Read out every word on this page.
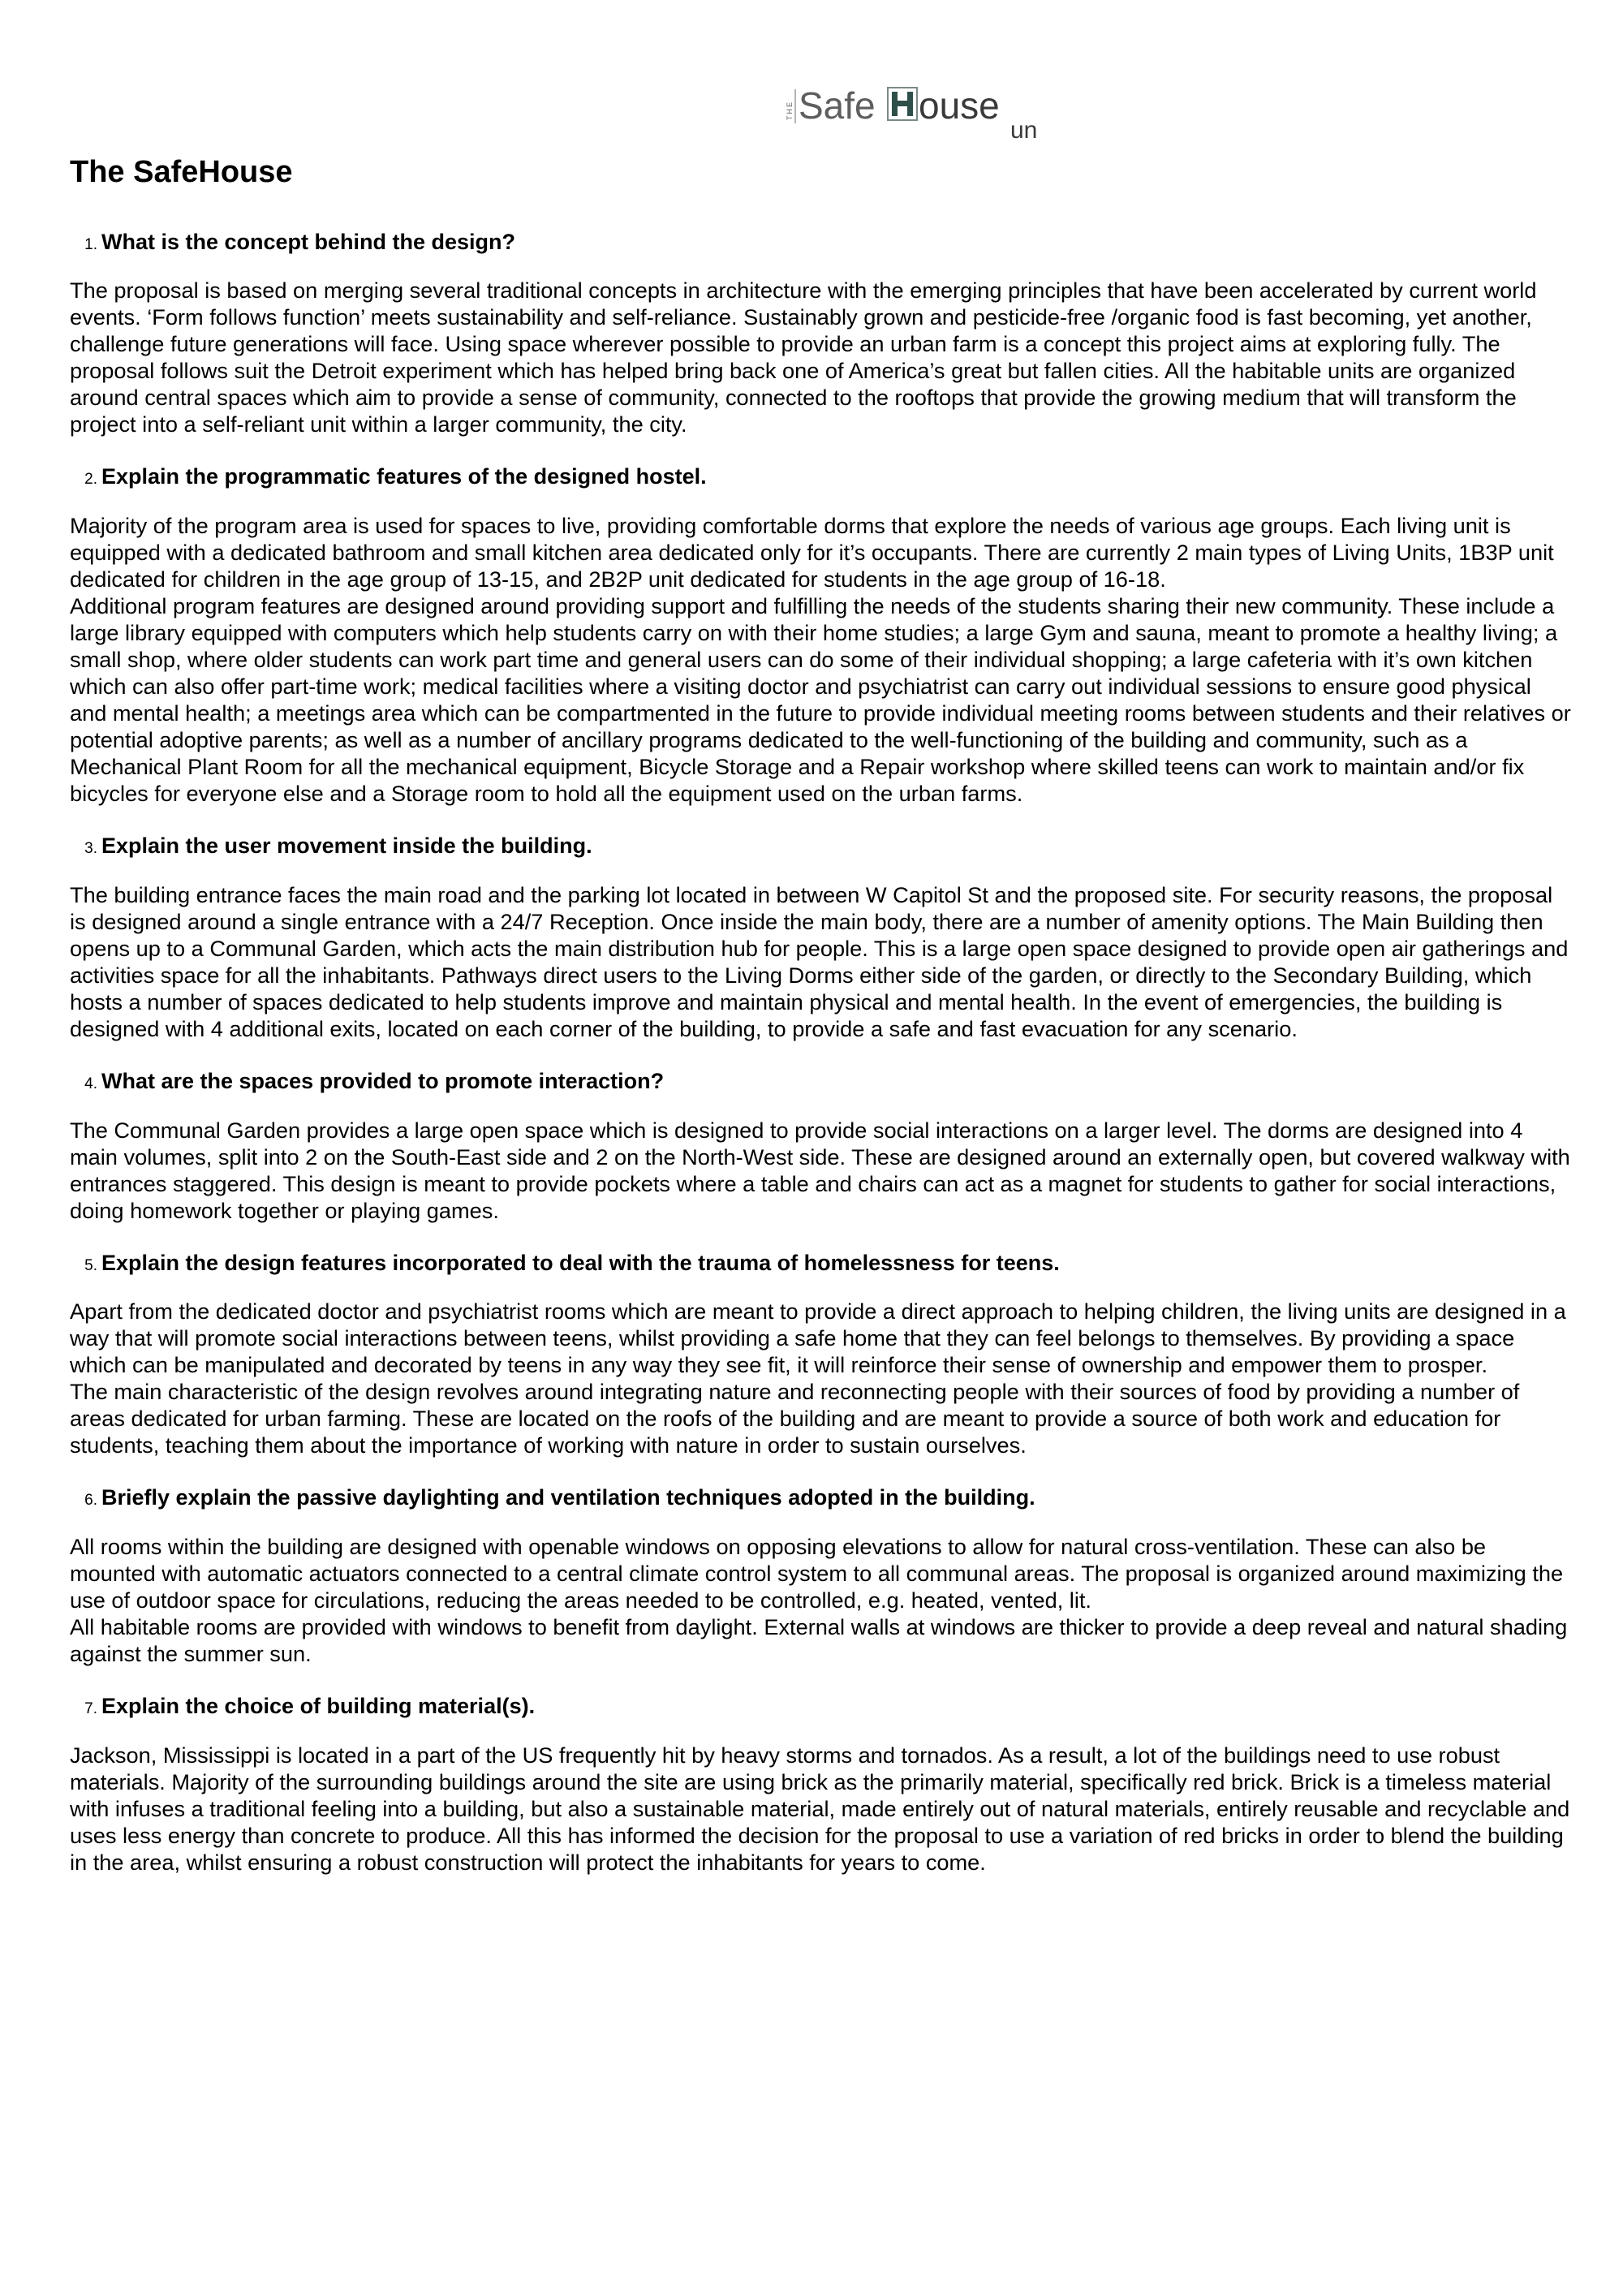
THE Safe ouse
un
The SafeHouse
1. What is the concept behind the design?

The proposal is based on merging several traditional concepts in architecture with the emerging principles that have been accelerated by current world events. ‘Form follows function’ meets sustainability and self-reliance. Sustainably grown and pesticide-free /organic food is fast becoming, yet another, challenge future generations will face. Using space wherever possible to provide an urban farm is a concept this project aims at exploring fully. The proposal follows suit the Detroit experiment which has helped bring back one of America’s great but fallen cities. All the habitable units are organized around central spaces which aim to provide a sense of community, connected to the rooftops that provide the growing medium that will transform the project into a self-reliant unit within a larger community, the city.

2. Explain the programmatic features of the designed hostel.

Majority of the program area is used for spaces to live, providing comfortable dorms that explore the needs of various age groups. Each living unit is equipped with a dedicated bathroom and small kitchen area dedicated only for it’s occupants. There are currently 2 main types of Living Units, 1B3P unit dedicated for children in the age group of 13-15, and 2B2P unit dedicated for students in the age group of 16-18.

Additional program features are designed around providing support and fulfilling the needs of the students sharing their new community. These include a large library equipped with computers which help students carry on with their home studies; a large Gym and sauna, meant to promote a healthy living; a small shop, where older students can work part time and general users can do some of their individual shopping; a large cafeteria with it’s own kitchen which can also offer part-time work; medical facilities where a visiting doctor and psychiatrist can carry out individual sessions to ensure good physical and mental health; a meetings area which can be compartmented in the future to provide individual meeting rooms between students and their relatives or potential adoptive parents; as well as a number of ancillary programs dedicated to the well-functioning of the building and community, such as a Mechanical Plant Room for all the mechanical equipment, Bicycle Storage and a Repair workshop where skilled teens can work to maintain and/or fix bicycles for everyone else and a Storage room to hold all the equipment used on the urban farms.

3. Explain the user movement inside the building.

The building entrance faces the main road and the parking lot located in between W Capitol St and the proposed site. For security reasons, the proposal is designed around a single entrance with a 24/7 Reception. Once inside the main body, there are a number of amenity options. The Main Building then opens up to a Communal Garden, which acts the main distribution hub for people. This is a large open space designed to provide open air gatherings and activities space for all the inhabitants. Pathways direct users to the Living Dorms either side of the garden, or directly to the Secondary Building, which hosts a number of spaces dedicated to help students improve and maintain physical and mental health. In the event of emergencies, the building is designed with 4 additional exits, located on each corner of the building, to provide a safe and fast evacuation for any scenario.

4. What are the spaces provided to promote interaction?

The Communal Garden provides a large open space which is designed to provide social interactions on a larger level. The dorms are designed into 4 main volumes, split into 2 on the South-East side and 2 on the North-West side. These are designed around an externally open, but covered walkway with entrances staggered. This design is meant to provide pockets where a table and chairs can act as a magnet for students to gather for social interactions, doing homework together or playing games.

5. Explain the design features incorporated to deal with the trauma of homelessness for teens.

Apart from the dedicated doctor and psychiatrist rooms which are meant to provide a direct approach to helping children, the living units are designed in a way that will promote social interactions between teens, whilst providing a safe home that they can feel belongs to themselves. By providing a space which can be manipulated and decorated by teens in any way they see fit, it will reinforce their sense of ownership and empower them to prosper.

The main characteristic of the design revolves around integrating nature and reconnecting people with their sources of food by providing a number of areas dedicated for urban farming. These are located on the roofs of the building and are meant to provide a source of both work and education for students, teaching them about the importance of working with nature in order to sustain ourselves.

6. Briefly explain the passive daylighting and ventilation techniques adopted in the building.

All rooms within the building are designed with openable windows on opposing elevations to allow for natural cross-ventilation. These can also be mounted with automatic actuators connected to a central climate control system to all communal areas. The proposal is organized around maximizing the use of outdoor space for circulations, reducing the areas needed to be controlled, e.g. heated, vented, lit.

All habitable rooms are provided with windows to benefit from daylight. External walls at windows are thicker to provide a deep reveal and natural shading against the summer sun.

7. Explain the choice of building material(s).

Jackson, Mississippi is located in a part of the US frequently hit by heavy storms and tornados. As a result, a lot of the buildings need to use robust materials. Majority of the surrounding buildings around the site are using brick as the primarily material, specifically red brick. Brick is a timeless material with infuses a traditional feeling into a building, but also a sustainable material, made entirely out of natural materials, entirely reusable and recyclable and uses less energy than concrete to produce. All this has informed the decision for the proposal to use a variation of red bricks in order to blend the building in the area, whilst ensuring a robust construction will protect the inhabitants for years to come.
